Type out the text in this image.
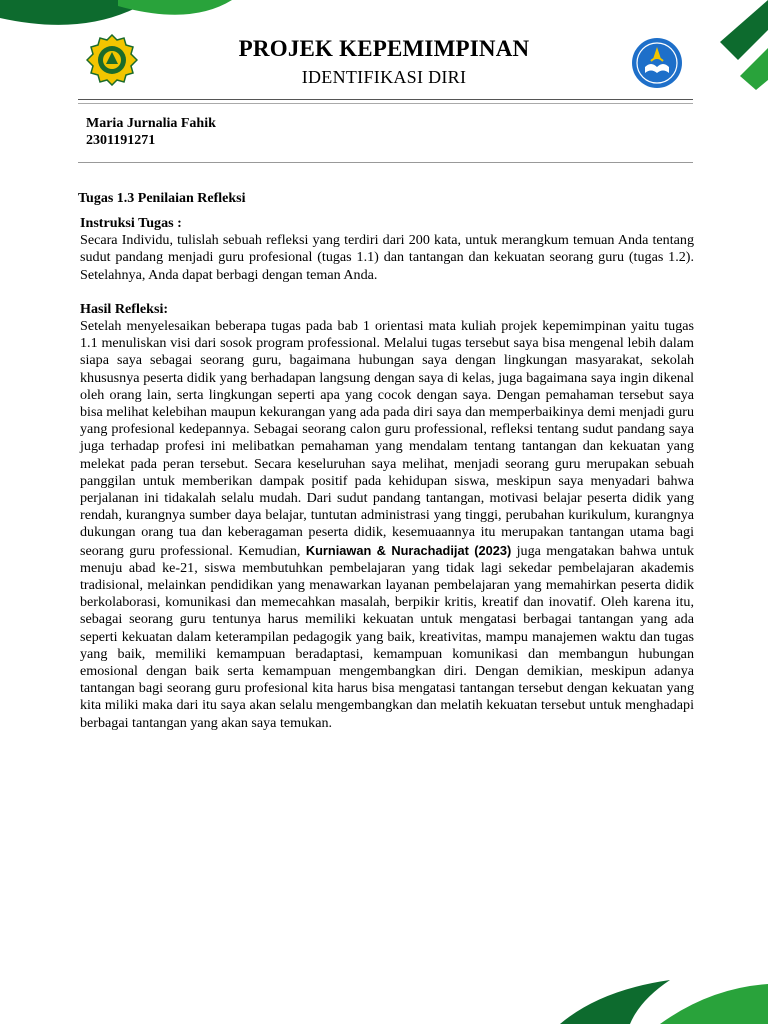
PROJEK KEPEMIMPINAN
IDENTIFIKASI DIRI
Maria Jurnalia Fahik
2301191271
Tugas 1.3 Penilaian Refleksi

Instruksi Tugas :

Secara Individu, tulislah sebuah refleksi yang terdiri dari 200 kata, untuk merangkum temuan Anda tentang sudut pandang menjadi guru profesional (tugas 1.1) dan tantangan dan kekuatan seorang guru (tugas 1.2). Setelahnya, Anda dapat berbagi dengan teman Anda.

Hasil Refleksi:

Setelah menyelesaikan beberapa tugas pada bab 1 orientasi mata kuliah projek kepemimpinan yaitu tugas 1.1 menuliskan visi dari sosok program professional. Melalui tugas tersebut saya bisa mengenal lebih dalam siapa saya sebagai seorang guru, bagaimana hubungan saya dengan lingkungan masyarakat, sekolah khususnya peserta didik yang berhadapan langsung dengan saya di kelas, juga bagaimana saya ingin dikenal oleh orang lain, serta lingkungan seperti apa yang cocok dengan saya. Dengan pemahaman tersebut saya bisa melihat kelebihan maupun kekurangan yang ada pada diri saya dan memperbaikinya demi menjadi guru yang profesional kedepannya. Sebagai seorang calon guru professional, refleksi tentang sudut pandang saya juga terhadap profesi ini melibatkan pemahaman yang mendalam tentang tantangan dan kekuatan yang melekat pada peran tersebut. Secara keseluruhan saya melihat, menjadi seorang guru merupakan sebuah panggilan untuk memberikan dampak positif pada kehidupan siswa, meskipun saya menyadari bahwa perjalanan ini tidakalah selalu mudah. Dari sudut pandang tantangan, motivasi belajar peserta didik yang rendah, kurangnya sumber daya belajar, tuntutan administrasi yang tinggi, perubahan kurikulum, kurangnya dukungan orang tua dan keberagaman peserta didik, kesemuaannya itu merupakan tantangan utama bagi seorang guru professional. Kemudian, Kurniawan & Nurachadijat (2023) juga mengatakan bahwa untuk menuju abad ke-21, siswa membutuhkan pembelajaran yang tidak lagi sekedar pembelajaran akademis tradisional, melainkan pendidikan yang menawarkan layanan pembelajaran yang memahirkan peserta didik berkolaborasi, komunikasi dan memecahkan masalah, berpikir kritis, kreatif dan inovatif. Oleh karena itu, sebagai seorang guru tentunya harus memiliki kekuatan untuk mengatasi berbagai tantangan yang ada seperti kekuatan dalam keterampilan pedagogik yang baik, kreativitas, mampu manajemen waktu dan tugas yang baik, memiliki kemampuan beradaptasi, kemampuan komunikasi dan membangun hubungan emosional dengan baik serta kemampuan mengembangkan diri. Dengan demikian, meskipun adanya tantangan bagi seorang guru profesional kita harus bisa mengatasi tantangan tersebut dengan kekuatan yang kita miliki maka dari itu saya akan selalu mengembangkan dan melatih kekuatan tersebut untuk menghadapi berbagai tantangan yang akan saya temukan.
